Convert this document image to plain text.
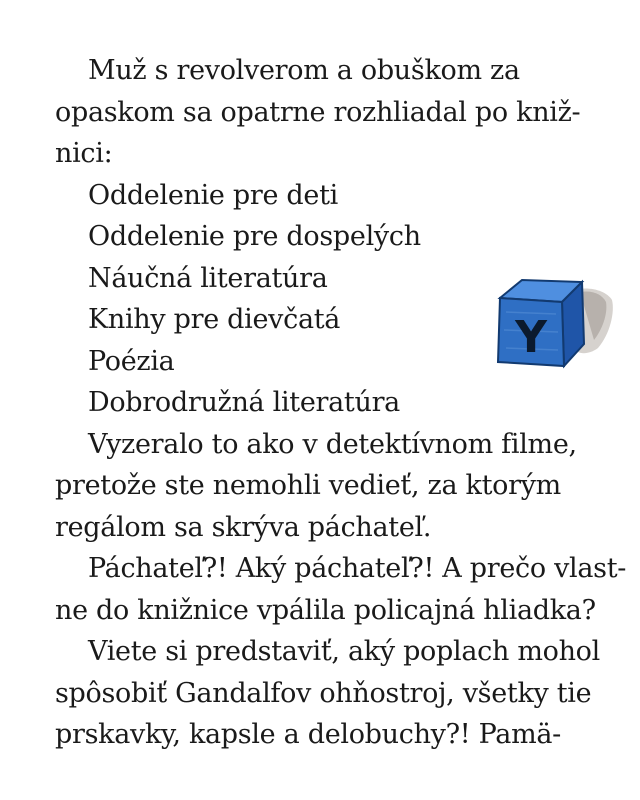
Muž s revolverom a obuškom za
opaskom sa opatrne rozhliadal po kniž-
nici:
Oddelenie pre deti
Oddelenie pre dospelých
Náučná literatúra
Knihy pre dievčatá
Poézia
Dobrodružná literatúra
Vyzeralo to ako v detektívnom filme,
pretože ste nemohli vedieť, za ktorým
regálom sa skrýva páchateľ.
Páchateľ?! Aký páchateľ?! A prečo vlast-
ne do knižnice vpálila policajná hliadka?
Viete si predstaviť, aký poplach mohol
spôsobiť Gandalfov ohňostroj, všetky tie
prskavky, kapsle a delobuchy?! Pamä-
Y
